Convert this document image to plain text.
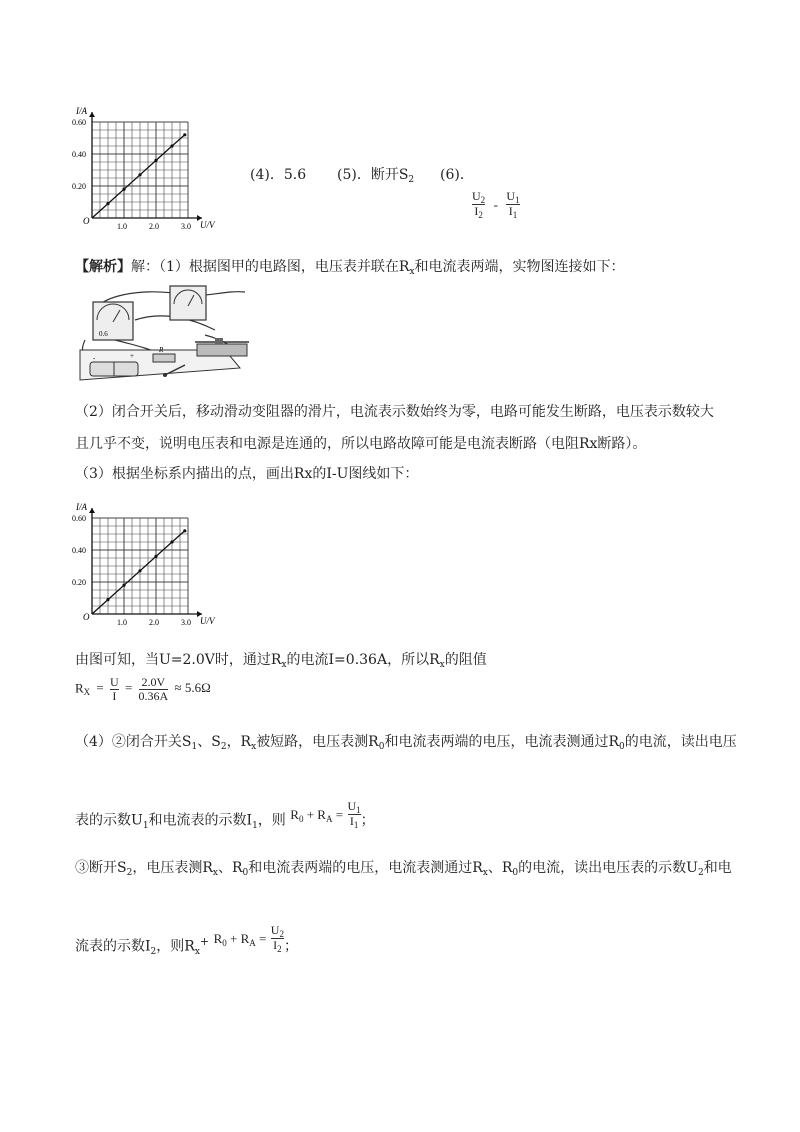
I/A
U/V
O
0.20
0.40
0.60
1.0	2.0	3.0
(4)．5.6 (5)．断开$S_2$ (6)．
$\frac{U_2}{I_2} - \frac{U_1}{I_1}$
【解析】解：（1）根据图甲的电路图，电压表并联在$R_x$和电流表两端，实物图连接如下：
0.6
-	+
R
（2）闭合开关后，移动滑动变阻器的滑片，电流表示数始终为零，电路可能发生断路，电压表示数较大
且几乎不变，说明电压表和电源是连通的，所以电路故障可能是电流表断路（电阻Rx断路）。
（3）根据坐标系内描出的点，画出Rx的I-U图线如下：
I/A
U/V
O
0.20
0.40
0.60
1.0	2.0	3.0
由图可知，当U=2.0V时，通过$R_x$的电流I=0.36A，所以$R_x$的阻值
$R_X = \frac{U}{I} = \frac{2.0V}{0.36A} \approx 5.6\Omega$
（4）②闭合开关$S_1$、$S_2$，$R_x$被短路，电压表测$R_0$和电流表两端的电压，电流表测通过$R_0$的电流，读出电压
表的示数$U_1$和电流表的示数$I_1$，则 $R_0 + R_A = \frac{U_1}{I_1}$ ；
③断开$S_2$，电压表测$R_x$、$R_0$和电流表两端的电压，电流表测通过$R_x$、$R_0$的电流，读出电压表的示数$U_2$和电
流表的示数$I_2$，则$R_x^+$ $R_0 + R_A = \frac{U_2}{I_2}$ ；
